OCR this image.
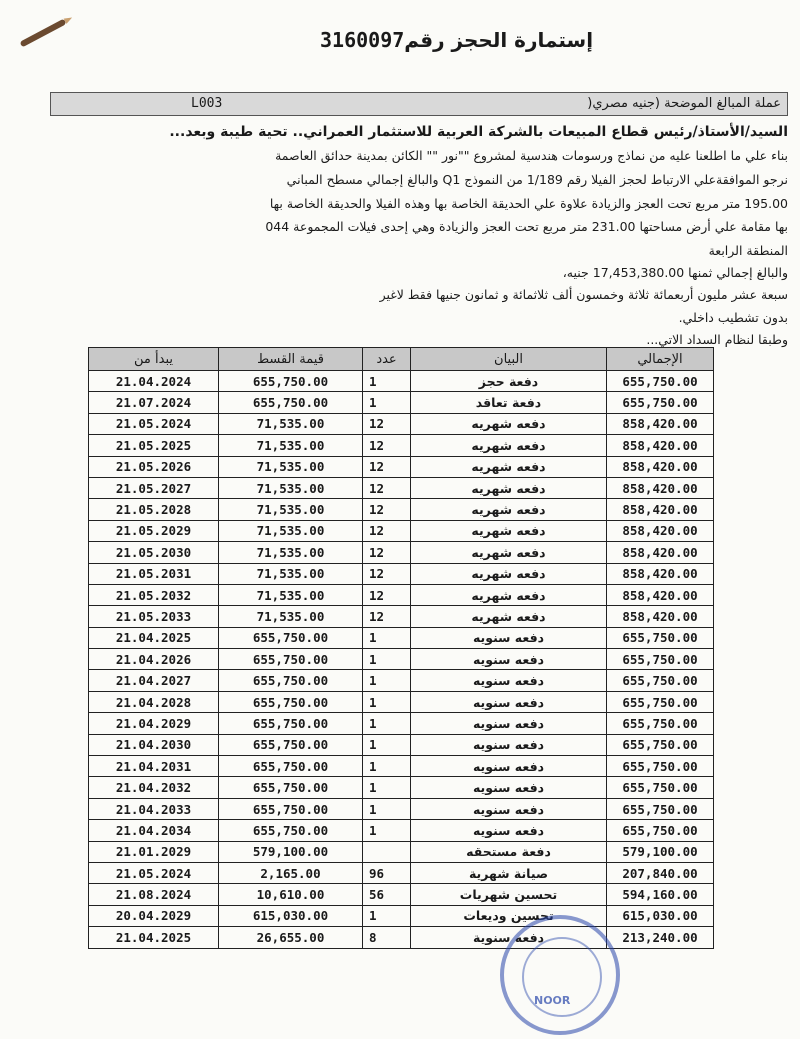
إستمارة الحجز رقم3160097
عملة المبالغ الموضحة (جنيه مصري(
L003
السيد/الأستاذ/رئيس قطاع المبيعات بالشركة العربية للاستثمار العمراني.. تحية طيبة وبعد...
بناء علي ما اطلعنا عليه من نماذج ورسومات هندسية لمشروع ""نور "" الكائن بمدينة حدائق العاصمة
نرجو الموافقةعلي الارتباط لحجز الفيلا رقم 1/189 من النموذج Q1 والبالغ إجمالي مسطح المباني
195.00 متر مربع تحت العجز والزيادة علاوة علي الحديقة الخاصة بها وهذه الفيلا والحديقة الخاصة بها
بها مقامة علي أرض مساحتها 231.00 متر مربع تحت العجز والزيادة وهي إحدى فيلات المجموعة 044
المنطقة الرابعة
والبالغ إجمالي ثمنها 17,453,380.00 جنيه،
سبعة عشر مليون أربعمائة ثلاثة وخمسون ألف ثلاثمائة و ثمانون جنيها فقط لاغير
بدون تشطيب داخلي.
وطبقا لنظام السداد الاتي...
يبدأ من	قيمة القسط	عدد	البيان	الإجمالي
21.04.2024	655,750.00	1	دفعة حجز	655,750.00
21.07.2024	655,750.00	1	دفعة تعاقد	655,750.00
21.05.2024	71,535.00	12	دفعه شهريه	858,420.00
21.05.2025	71,535.00	12	دفعه شهريه	858,420.00
21.05.2026	71,535.00	12	دفعه شهريه	858,420.00
21.05.2027	71,535.00	12	دفعه شهريه	858,420.00
21.05.2028	71,535.00	12	دفعه شهريه	858,420.00
21.05.2029	71,535.00	12	دفعه شهريه	858,420.00
21.05.2030	71,535.00	12	دفعه شهريه	858,420.00
21.05.2031	71,535.00	12	دفعه شهريه	858,420.00
21.05.2032	71,535.00	12	دفعه شهريه	858,420.00
21.05.2033	71,535.00	12	دفعه شهريه	858,420.00
21.04.2025	655,750.00	1	دفعه سنويه	655,750.00
21.04.2026	655,750.00	1	دفعه سنويه	655,750.00
21.04.2027	655,750.00	1	دفعه سنويه	655,750.00
21.04.2028	655,750.00	1	دفعه سنويه	655,750.00
21.04.2029	655,750.00	1	دفعه سنويه	655,750.00
21.04.2030	655,750.00	1	دفعه سنويه	655,750.00
21.04.2031	655,750.00	1	دفعه سنويه	655,750.00
21.04.2032	655,750.00	1	دفعه سنويه	655,750.00
21.04.2033	655,750.00	1	دفعه سنويه	655,750.00
21.04.2034	655,750.00	1	دفعه سنويه	655,750.00
21.01.2029	579,100.00		دفعة مستحقه	579,100.00
21.05.2024	2,165.00	96	صيانة شهرية	207,840.00
21.08.2024	10,610.00	56	تحسين شهريات	594,160.00
20.04.2029	615,030.00	1	تحسين وديعات	615,030.00
21.04.2025	26,655.00	8	دفعه سنوية	213,240.00
NOOR
